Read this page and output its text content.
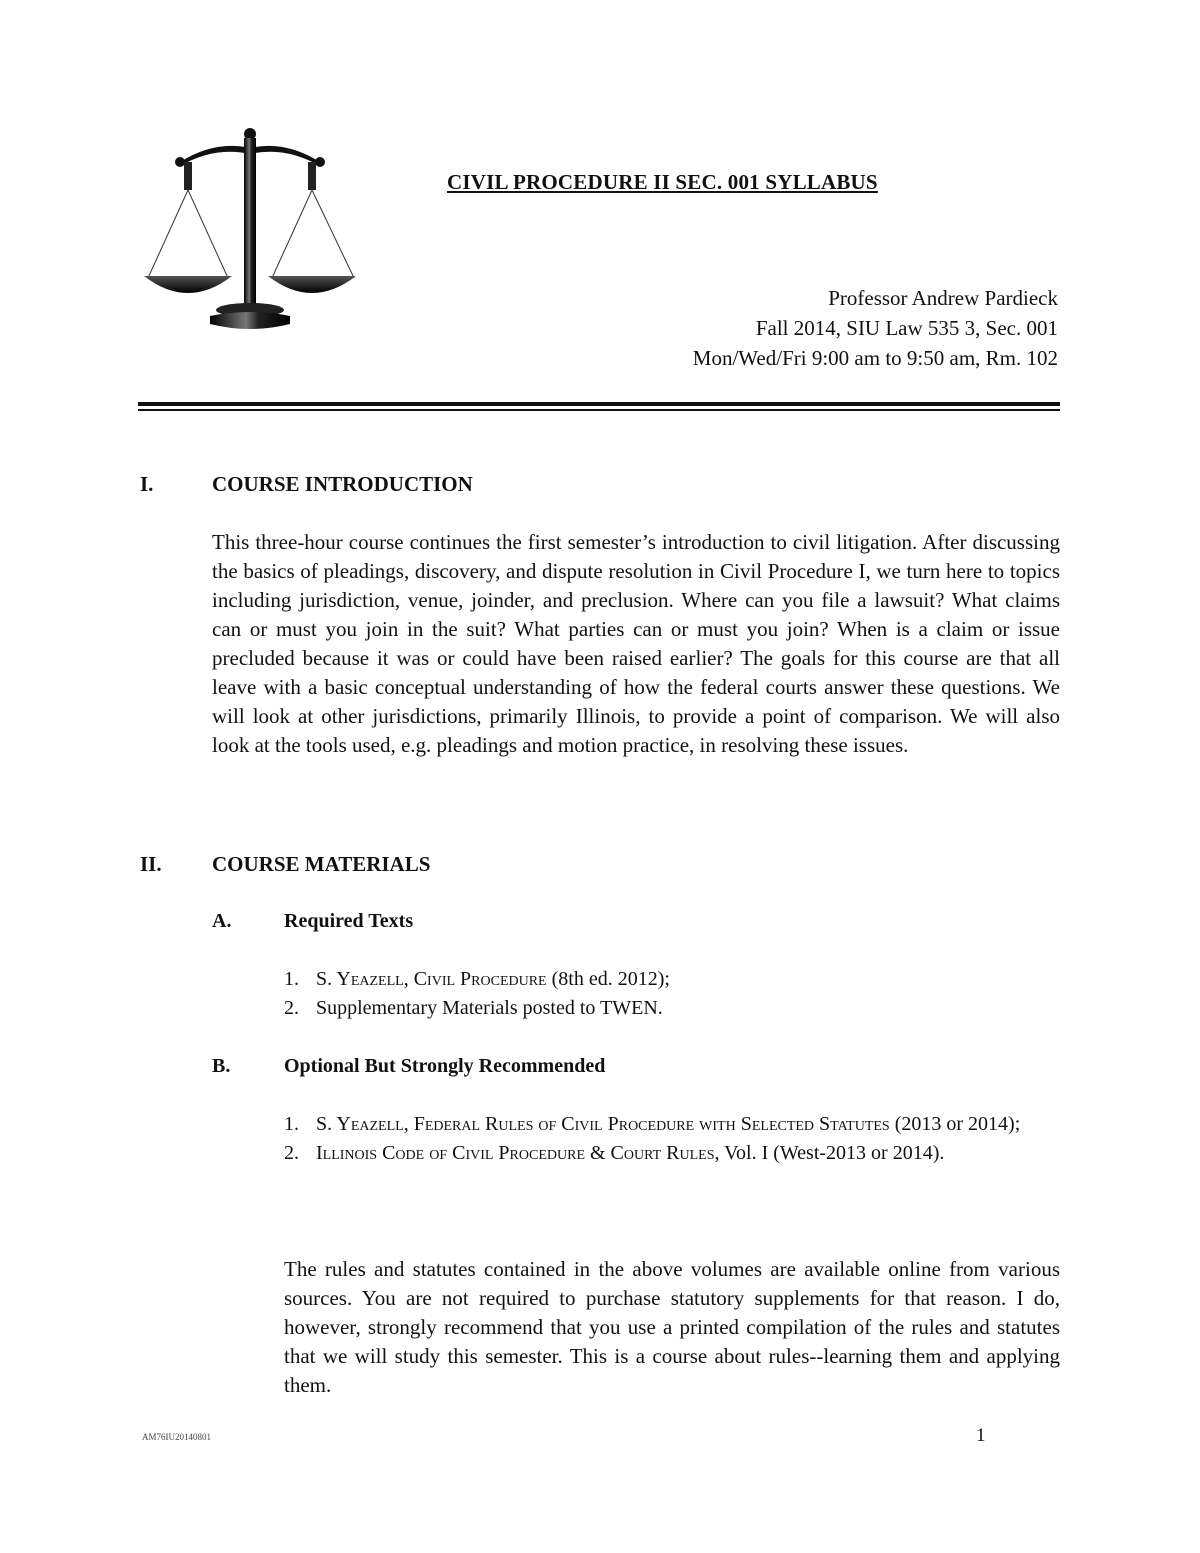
CIVIL PROCEDURE II SEC. 001 SYLLABUS
Professor Andrew Pardieck
Fall 2014, SIU Law 535 3, Sec. 001
Mon/Wed/Fri 9:00 am to 9:50 am, Rm. 102
I.	COURSE INTRODUCTION
This three-hour course continues the first semester’s introduction to civil litigation. After discussing the basics of pleadings, discovery, and dispute resolution in Civil Procedure I, we turn here to topics including jurisdiction, venue, joinder, and preclusion. Where can you file a lawsuit? What claims can or must you join in the suit? What parties can or must you join? When is a claim or issue precluded because it was or could have been raised earlier? The goals for this course are that all leave with a basic conceptual understanding of how the federal courts answer these questions. We will look at other jurisdictions, primarily Illinois, to provide a point of comparison. We will also look at the tools used, e.g. pleadings and motion practice, in resolving these issues.
II. COURSE MATERIALS
A.	Required Texts
1. S. Yeazell, Civil Procedure (8th ed. 2012);
2. Supplementary Materials posted to TWEN.
B.	Optional But Strongly Recommended
1. S. Yeazell, Federal Rules of Civil Procedure with Selected Statutes (2013 or 2014);
2. Illinois Code of Civil Procedure & Court Rules, Vol. I (West-2013 or 2014).
The rules and statutes contained in the above volumes are available online from various sources. You are not required to purchase statutory supplements for that reason. I do, however, strongly recommend that you use a printed compilation of the rules and statutes that we will study this semester. This is a course about rules--learning them and applying them.
AM76IU20140801	1
